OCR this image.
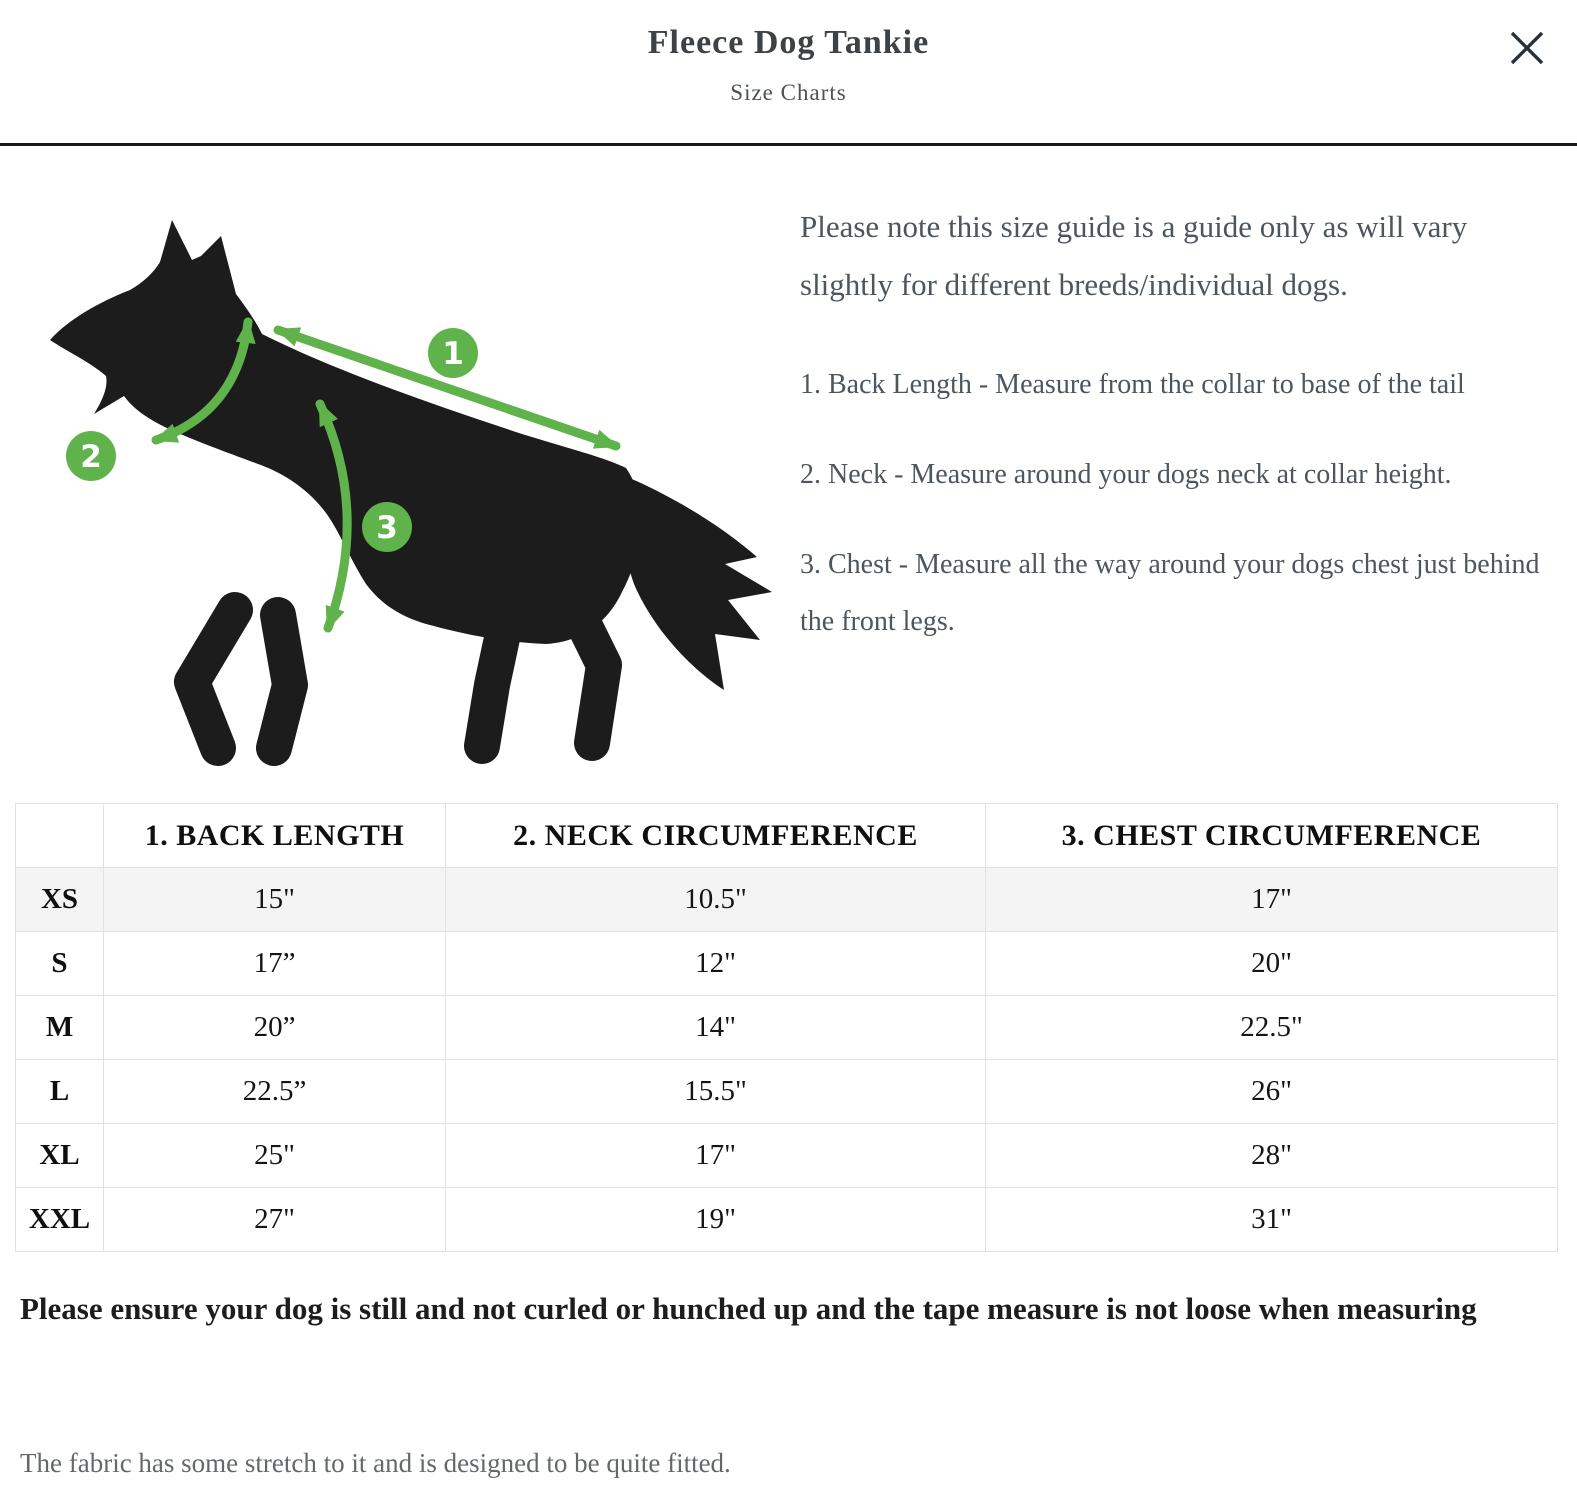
Fleece Dog Tankie
Size Charts
1
2
3

Please note this size guide is a guide only as will vary slightly for different breeds/individual dogs.

1. Back Length - Measure from the collar to base of the tail

2. Neck - Measure around your dogs neck at collar height.

3. Chest - Measure all the way around your dogs chest just behind the front legs.

	1. BACK LENGTH	2. NECK CIRCUMFERENCE	3. CHEST CIRCUMFERENCE
XS	15"	10.5"	17"
S	17”	12"	20"
M	20”	14"	22.5"
L	22.5”	15.5"	26"
XL	25"	17"	28"
XXL	27"	19"	31"
Please ensure your dog is still and not curled or hunched up and the tape measure is not loose when measuring
The fabric has some stretch to it and is designed to be quite fitted.
